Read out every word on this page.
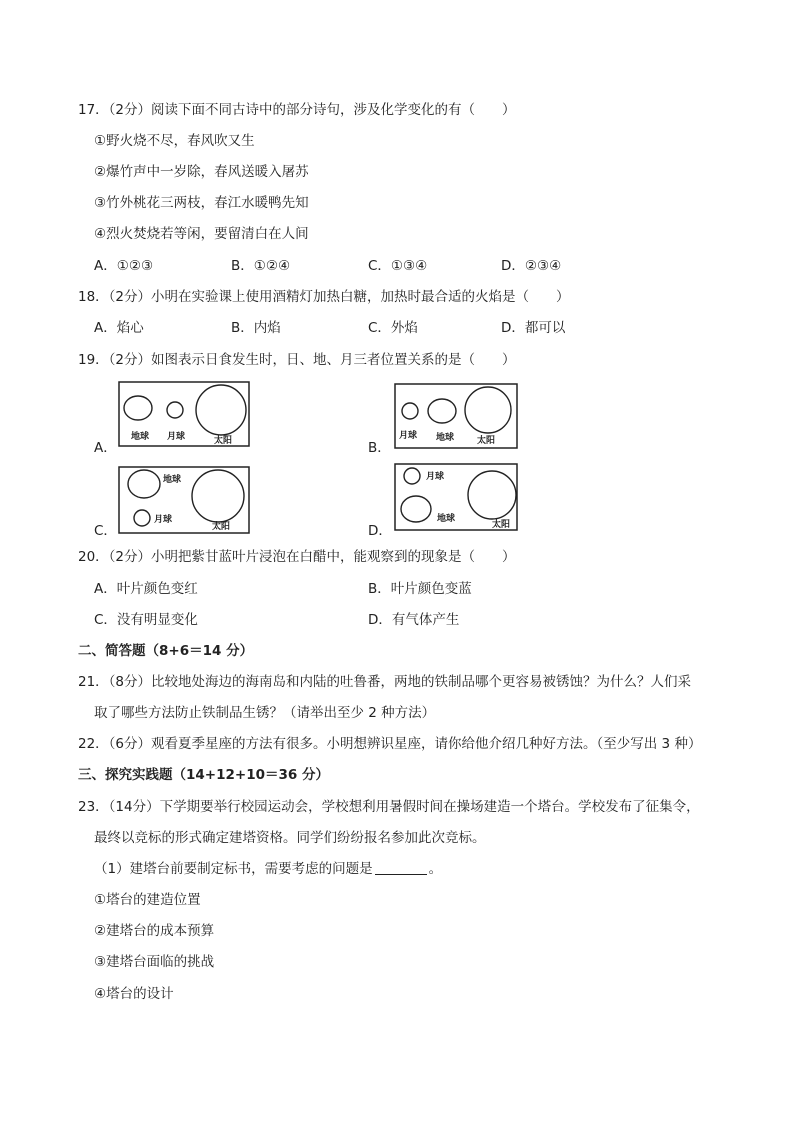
17．（2分）阅读下面不同古诗中的部分诗句，涉及化学变化的有（　　）
①野火烧不尽，春风吹又生
②爆竹声中一岁除，春风送暖入屠苏
③竹外桃花三两枝，春江水暖鸭先知
④烈火焚烧若等闲，要留清白在人间
A．①②③	B．①②④	C．①③④	D．②③④
18．（2分）小明在实验课上使用酒精灯加热白糖，加热时最合适的火焰是（　　）
A．焰心	B．内焰	C．外焰	D．都可以
19．（2分）如图表示日食发生时，日、地、月三者位置关系的是（　　）
A．
地球 月球	太阳	B．
月球 地球	太阳
C．
地球
月球
太阳	D．
月球
地球
太阳
20．（2分）小明把紫甘蓝叶片浸泡在白醋中，能观察到的现象是（　　）
A．叶片颜色变红	B．叶片颜色变蓝
C．没有明显变化	D．有气体产生
二、简答题（8+6＝14 分）
21．（8分）比较地处海边的海南岛和内陆的吐鲁番，两地的铁制品哪个更容易被锈蚀？为什么？人们采
取了哪些方法防止铁制品生锈？（请举出至少 2 种方法）
22．（6分）观看夏季星座的方法有很多。小明想辨识星座，请你给他介绍几种好方法。（至少写出 3 种）
三、探究实践题（14+12+10＝36 分）
23．（14分）下学期要举行校园运动会，学校想利用暑假时间在操场建造一个塔台。学校发布了征集令，
最终以竞标的形式确定建塔资格。同学们纷纷报名参加此次竞标。
（1）建塔台前要制定标书，需要考虑的问题是	。
①塔台的建造位置
②建塔台的成本预算
③建塔台面临的挑战
④塔台的设计
